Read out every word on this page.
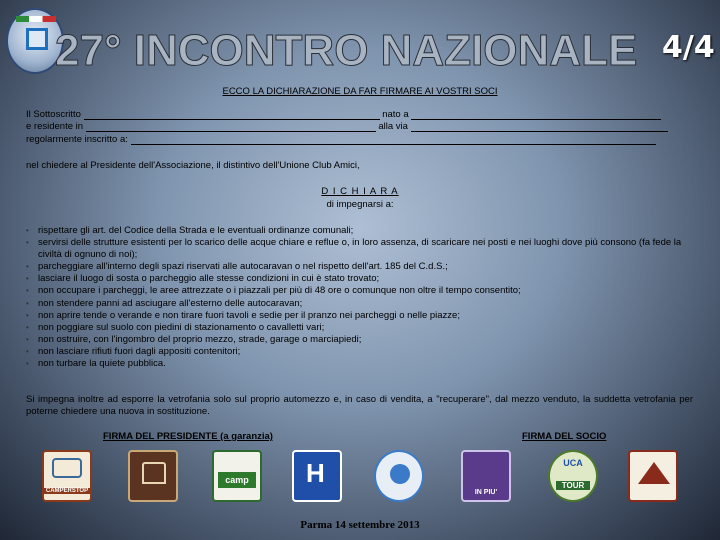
27° INCONTRO NAZIONALE 4/4
ECCO LA DICHIARAZIONE DA FAR FIRMARE AI VOSTRI SOCI
Il Sottoscritto	nato a
e residente in	alla via
regolarmente inscritto a:
nel chiedere al Presidente dell'Associazione, il distintivo dell'Unione Club Amici,
D I C H I A R A
di impegnarsi a:
• rispettare gli art. del Codice della Strada e le eventuali ordinanze comunali;
• servirsi delle strutture esistenti per lo scarico delle acque chiare e reflue o, in loro assenza, di scaricare nei posti e nei luoghi dove più consono (fa fede la civiltà di ognuno di noi);
• parcheggiare all'interno degli spazi riservati alle autocaravan o nel rispetto dell'art. 185 del C.d.S.;
• lasciare il luogo di sosta o parcheggio alle stesse condizioni in cui è stato trovato;
• non occupare i parcheggi, le aree attrezzate o i piazzali per più di 48 ore o comunque non oltre il tempo consentito;
• non stendere panni ad asciugare all'esterno delle autocaravan;
• non aprire tende o verande e non tirare fuori tavoli e sedie per il pranzo nei parcheggi o nelle piazze;
• non poggiare sul suolo con piedini di stazionamento o cavalletti vari;
• non ostruire, con l'ingombro del proprio mezzo, strade, garage o marciapiedi;
• non lasciare rifiuti fuori dagli appositi contenitori;
• non turbare la quiete pubblica.
Si impegna inoltre ad esporre la vetrofania solo sul proprio automezzo e, in caso di vendita, a "recuperare", dal mezzo venduto, la suddetta vetrofania per poterne chiedere una nuova in sostituzione.
FIRMA DEL PRESIDENTE (a garanzia)	FIRMA DEL SOCIO
CAMPERSTOP
camp H
IN PIU'
UCA
TOUR
Parma 14 settembre 2013
